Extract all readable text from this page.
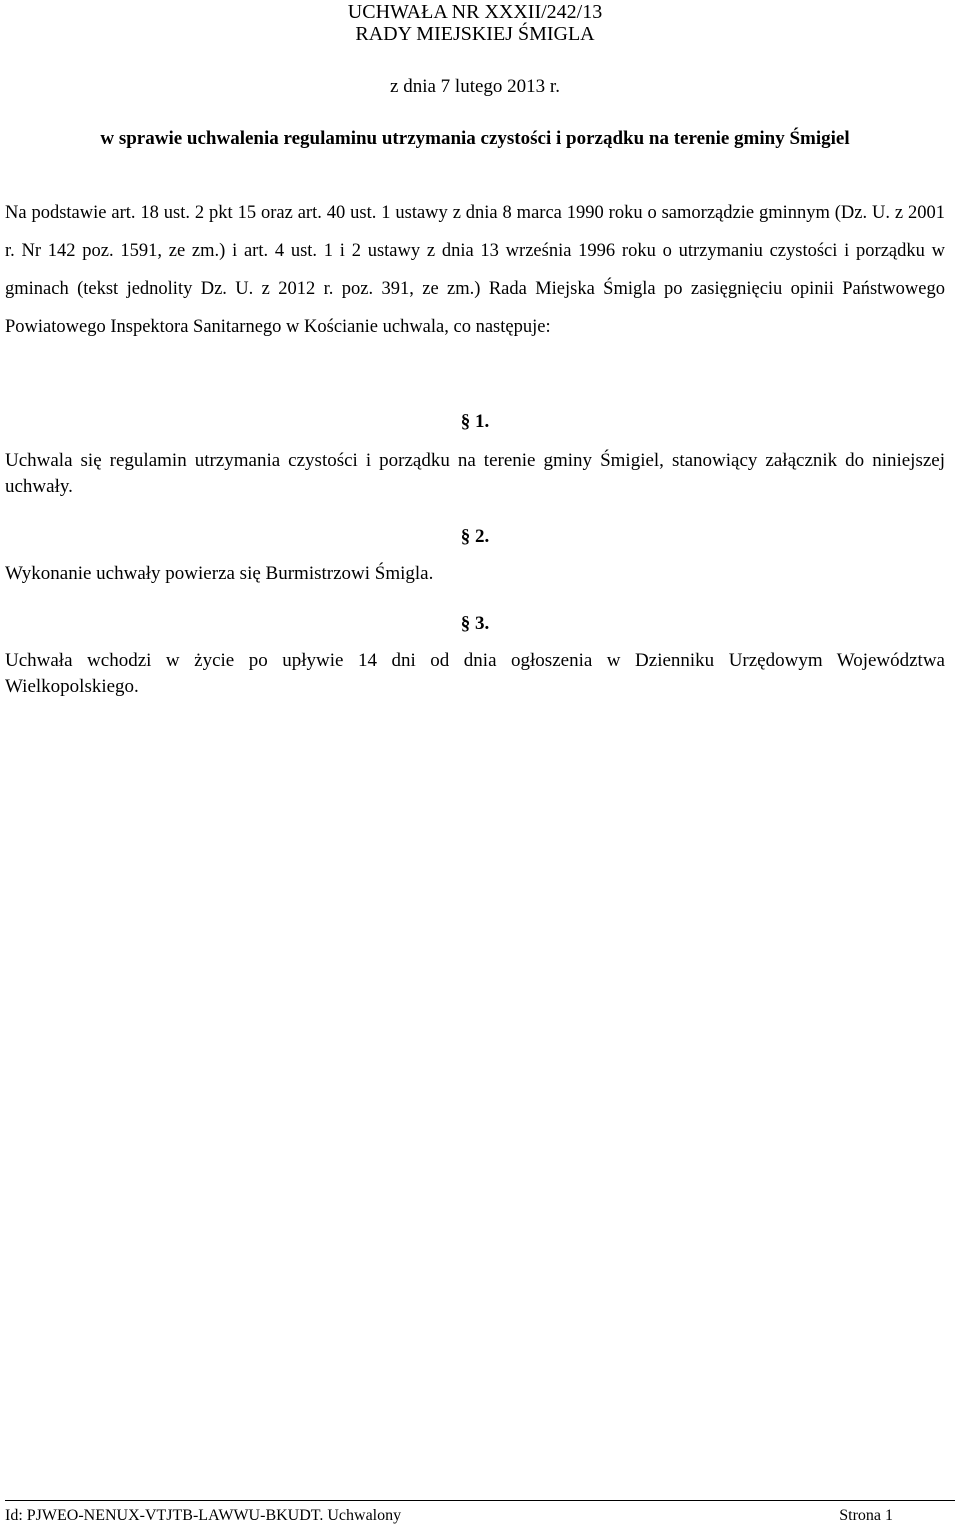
UCHWAŁA NR XXXII/242/13
RADY MIEJSKIEJ ŚMIGLA
z dnia 7 lutego 2013 r.
w sprawie uchwalenia regulaminu utrzymania czystości i porządku na terenie gminy Śmigiel

Na podstawie art. 18 ust. 2 pkt 15 oraz art. 40 ust. 1 ustawy z dnia 8 marca 1990 roku o samorządzie gminnym (Dz. U. z 2001 r. Nr 142 poz. 1591, ze zm.) i art. 4 ust. 1 i 2 ustawy z dnia 13 września 1996 roku o utrzymaniu czystości i porządku w gminach (tekst jednolity Dz. U. z 2012 r. poz. 391, ze zm.) Rada Miejska Śmigla po zasięgnięciu opinii Państwowego Powiatowego Inspektora Sanitarnego w Kościanie uchwala, co następuje:

§ 1.

Uchwala się regulamin utrzymania czystości i porządku na terenie gminy Śmigiel, stanowiący załącznik do niniejszej uchwały.

§ 2.

Wykonanie uchwały powierza się Burmistrzowi Śmigla.

§ 3.

Uchwała wchodzi w życie po upływie 14 dni od dnia ogłoszenia w Dzienniku Urzędowym Województwa Wielkopolskiego.

Id: PJWEO-NENUX-VTJTB-LAWWU-BKUDT. Uchwalony	Strona 1
